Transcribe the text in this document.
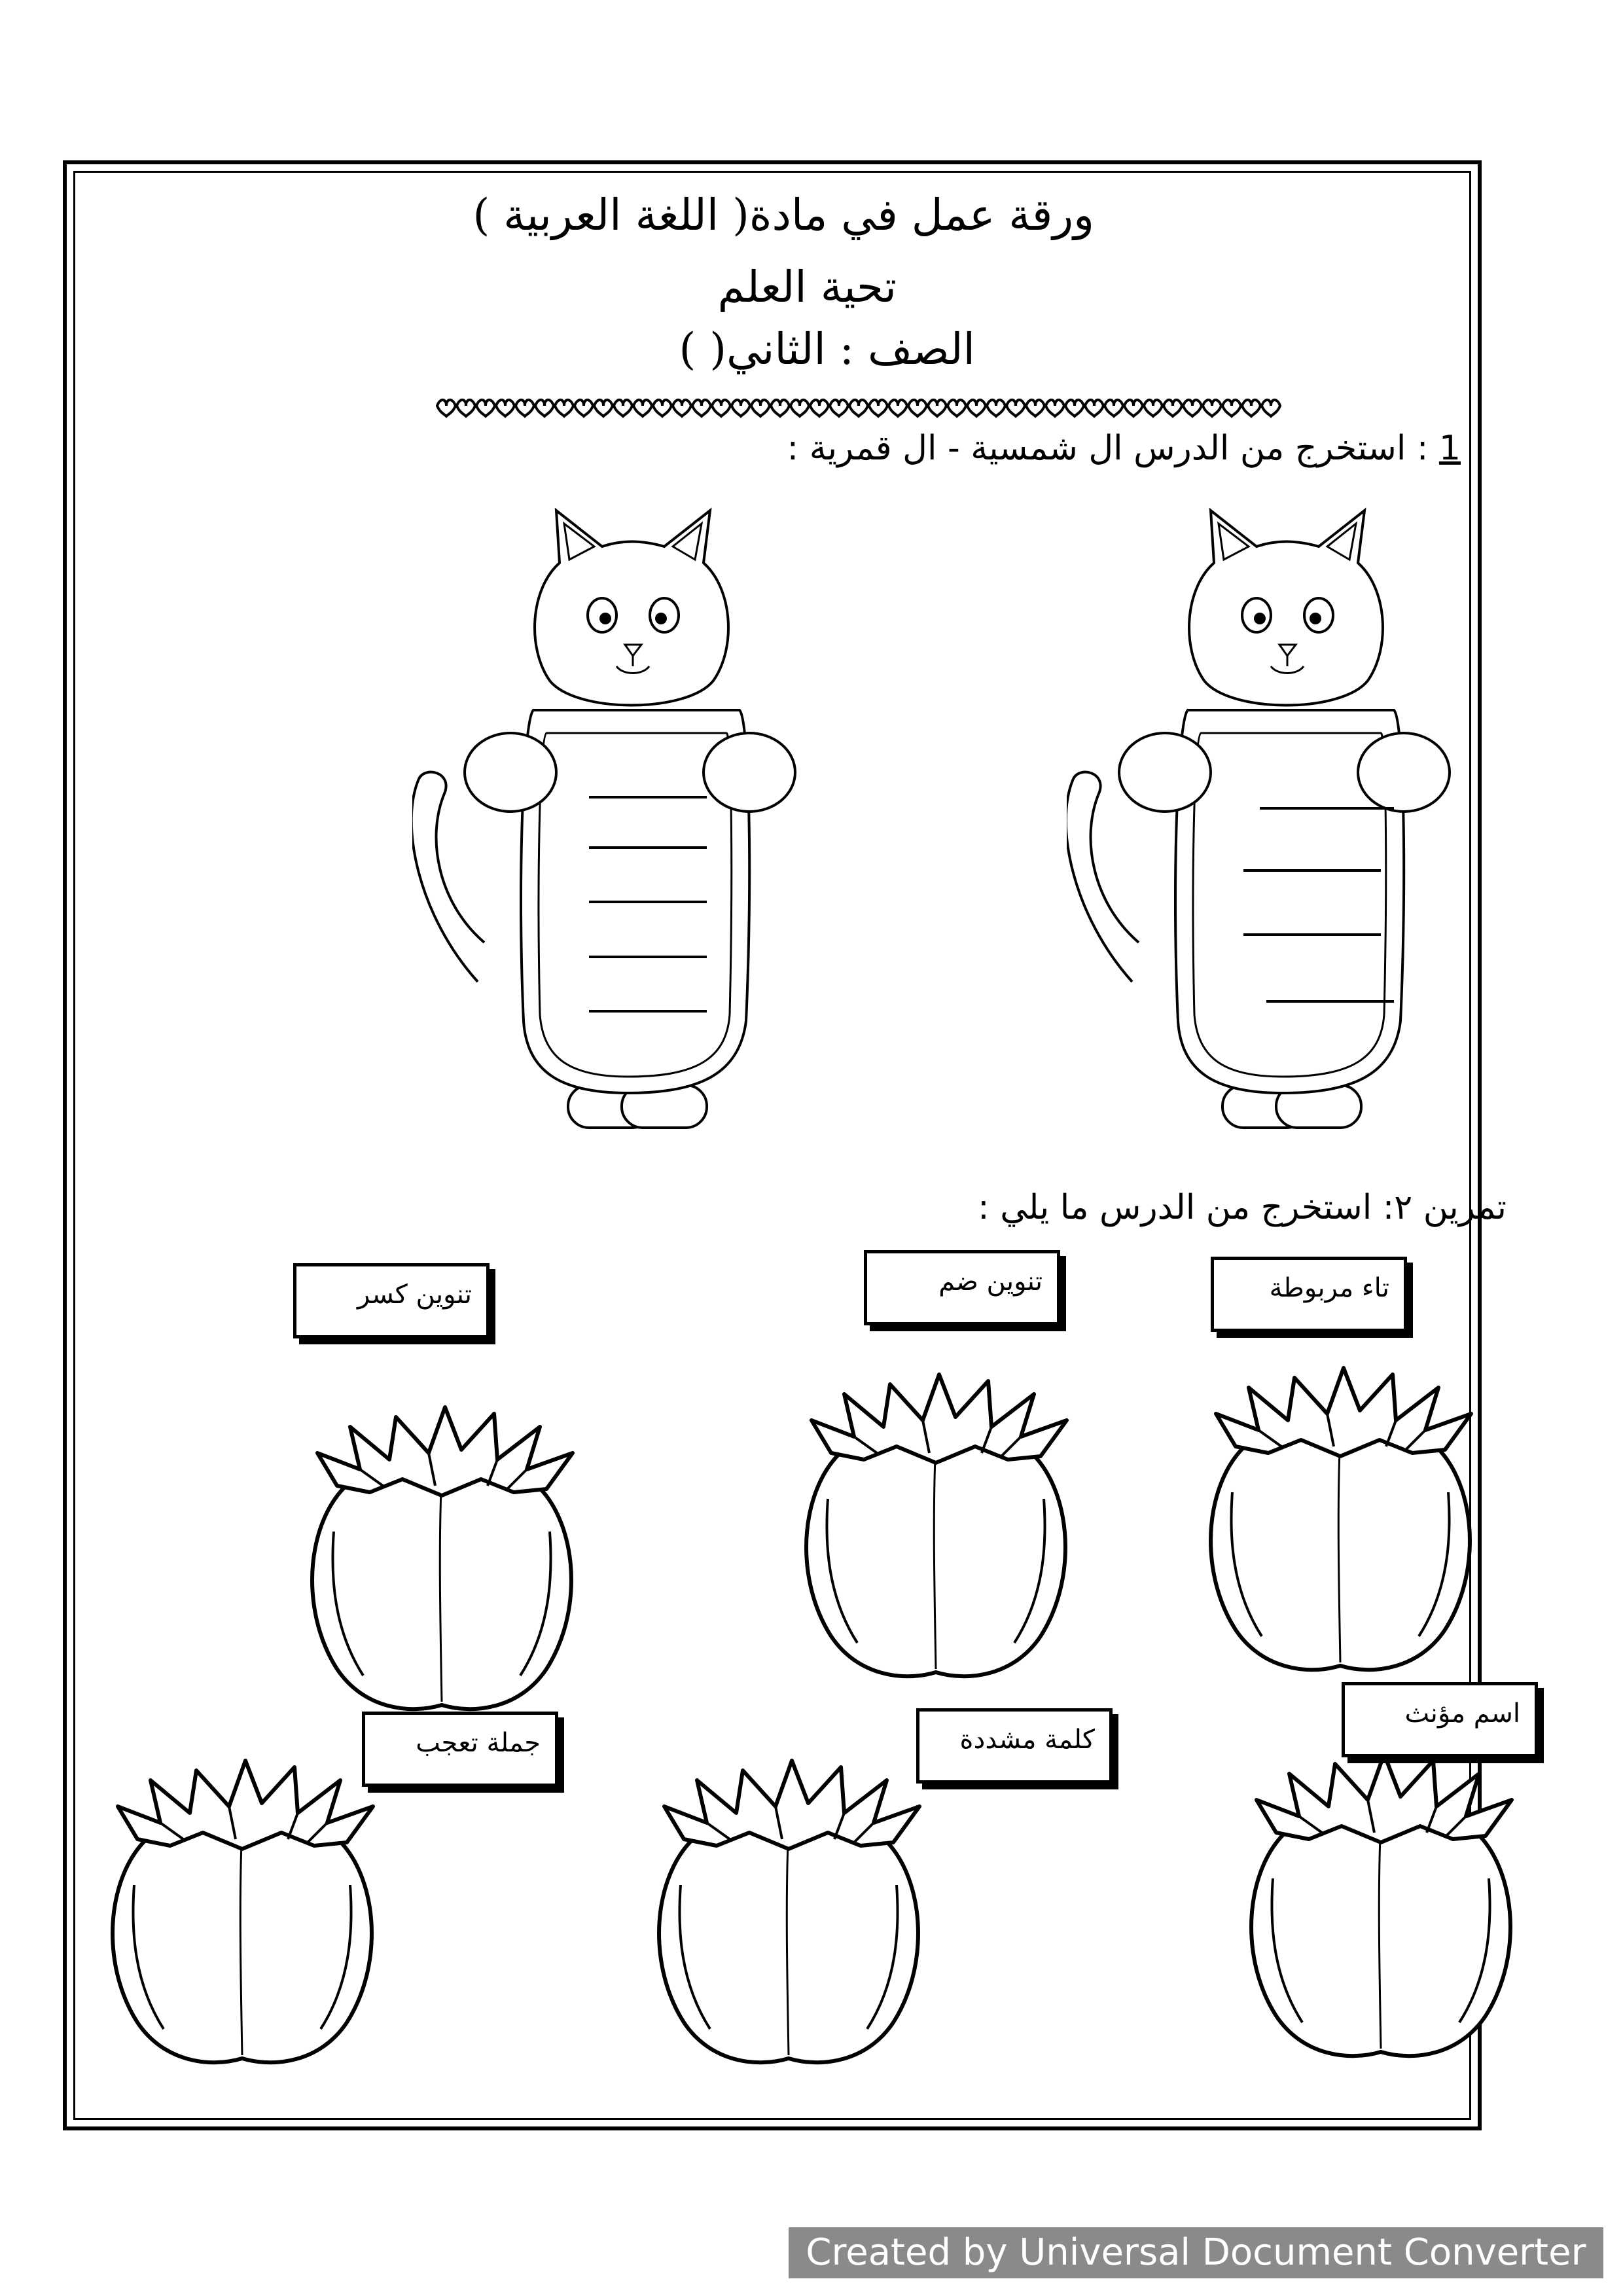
ورقة عمل في مادة( اللغة العربية )
تحية العلم
الصف : الثاني( )
1 : استخرج من الدرس ال شمسية - ال قمرية :
تمرين ٢: استخرج من الدرس ما يلي :
تاء مربوطة
تنوين ضم
تنوين كسر
اسم مؤنث
كلمة مشددة
جملة تعجب
Created by Universal Document Converter
